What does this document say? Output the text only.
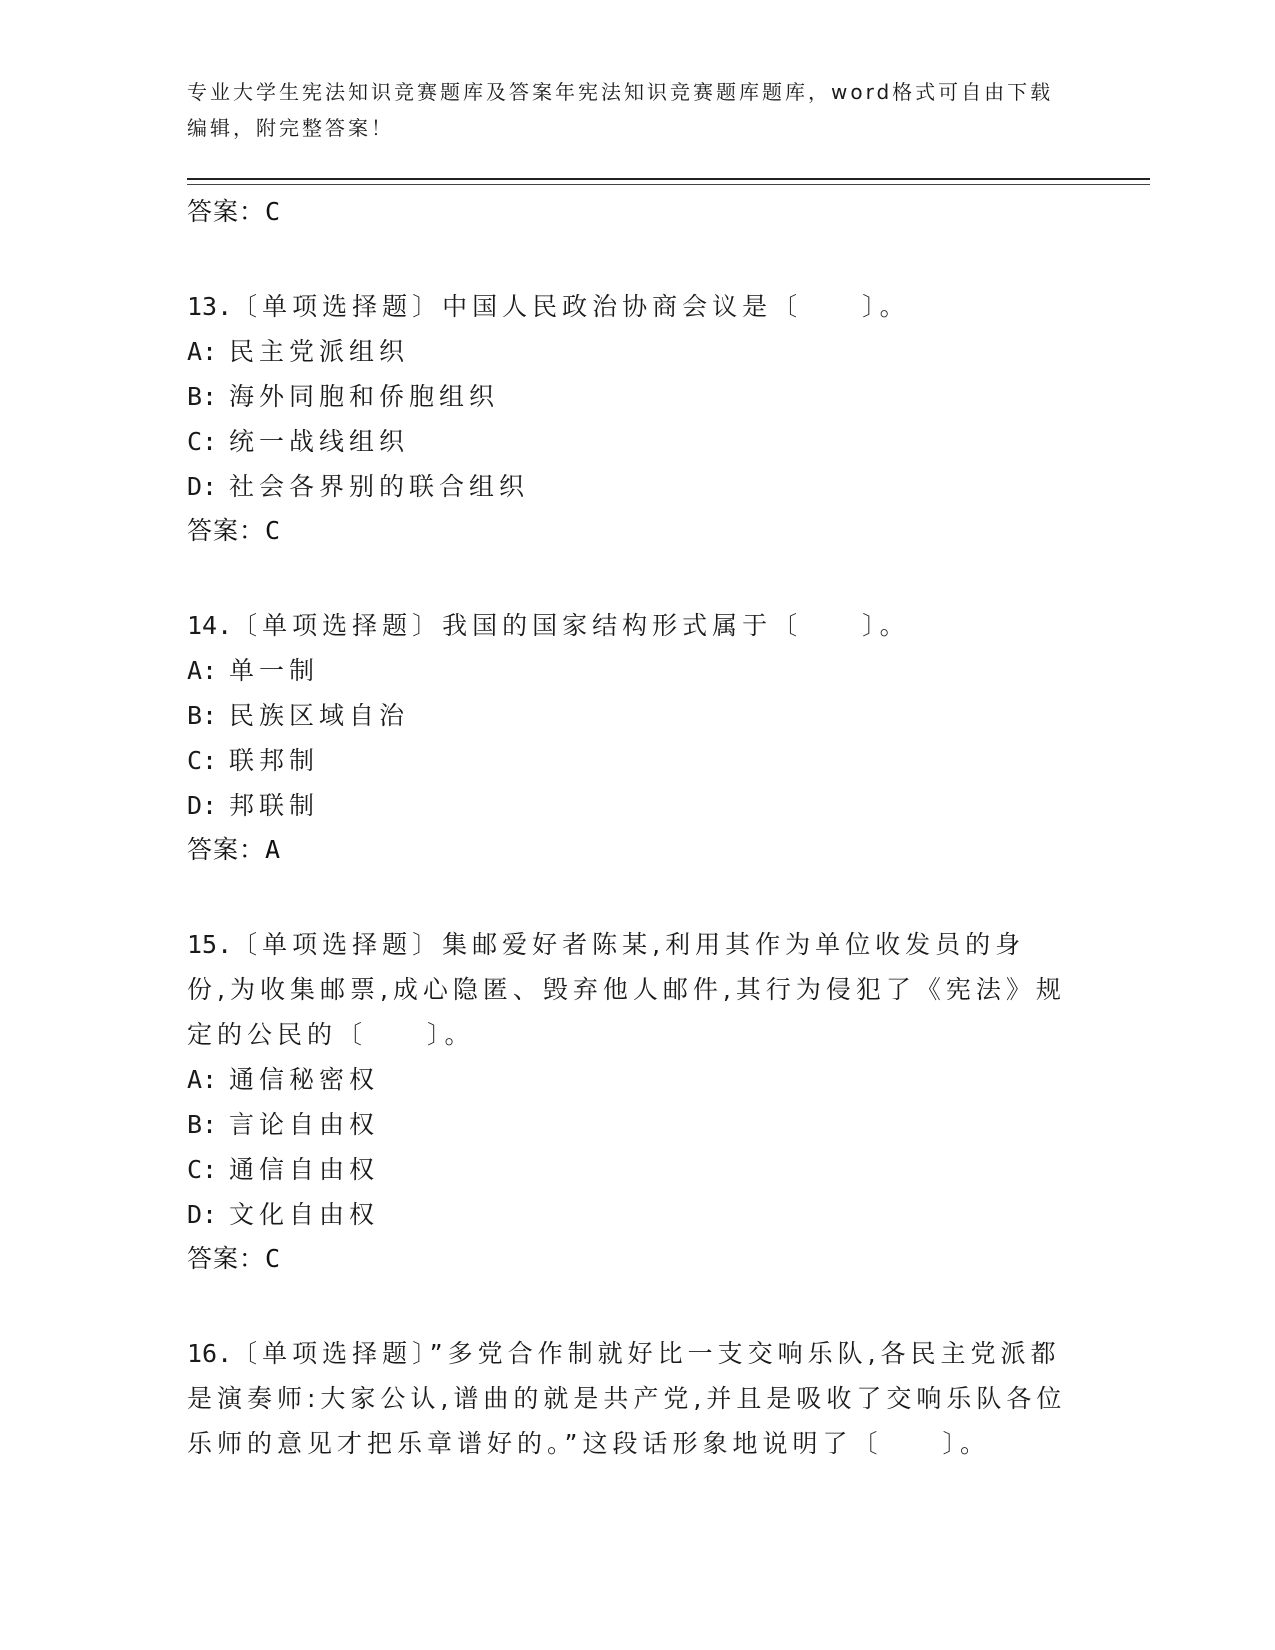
专业大学生宪法知识竞赛题库及答案年宪法知识竞赛题库题库，word格式可自由下载编辑，附完整答案！
答案：C
13.〔单项选择题〕中国人民政治协商会议是〔　　〕。
A: 民主党派组织
B: 海外同胞和侨胞组织
C: 统一战线组织
D: 社会各界别的联合组织
答案：C
14.〔单项选择题〕我国的国家结构形式属于〔　　〕。
A: 单一制
B: 民族区域自治
C: 联邦制
D: 邦联制
答案：A
15.〔单项选择题〕集邮爱好者陈某,利用其作为单位收发员的身份,为收集邮票,成心隐匿、毁弃他人邮件,其行为侵犯了《宪法》规定的公民的〔　　〕。
A: 通信秘密权
B: 言论自由权
C: 通信自由权
D: 文化自由权
答案：C
16.〔单项选择题〕”多党合作制就好比一支交响乐队,各民主党派都是演奏师:大家公认,谱曲的就是共产党,并且是吸收了交响乐队各位乐师的意见才把乐章谱好的。”这段话形象地说明了〔　　〕。
